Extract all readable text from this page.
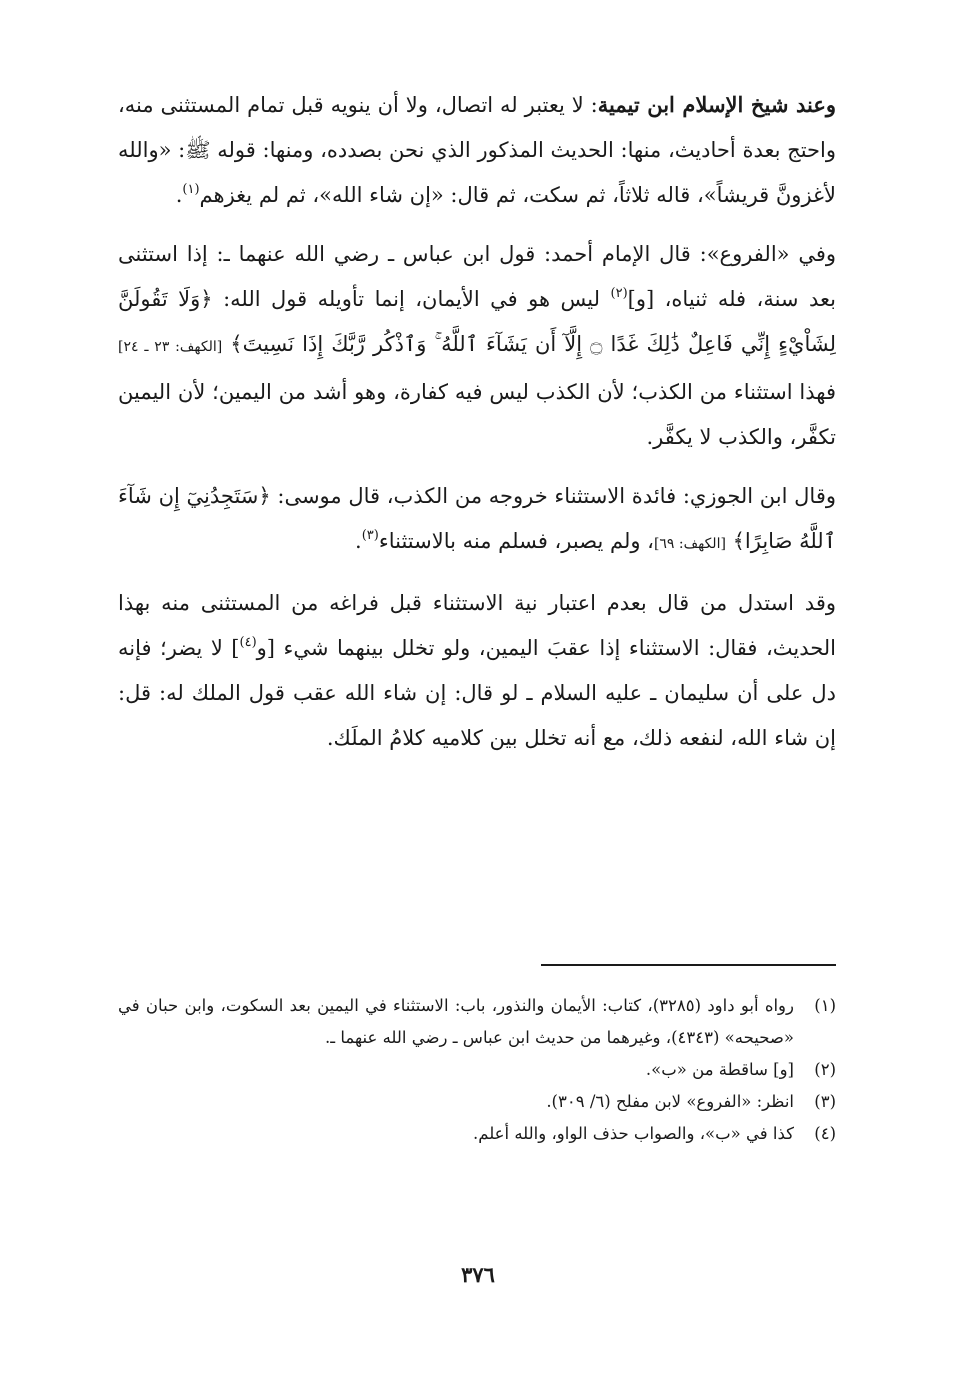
وعند شيخ الإسلام ابن تيمية: لا يعتبر له اتصال، ولا أن ينويه قبل تمام المستثنى منه، واحتج بعدة أحاديث، منها: الحديث المذكور الذي نحن بصدده، ومنها: قوله ﷺ: «والله لأغزونَّ قريشاً»، قاله ثلاثاً، ثم سكت، ثم قال: «إن شاء الله»، ثم لم يغزهم$^{(١)}$.
وفي «الفروع»: قال الإمام أحمد: قول ابن عباس ـ رضي الله عنهما ـ: إذا استثنى بعد سنة، فله ثنياه، [و]$^{(٢)}$ ليس هو في الأيمان، إنما تأويله قول الله: ﴿وَلَا تَقُولَنَّ لِشَاْيْءٍ إِنِّي فَاعِلٌ ذَٰلِكَ غَدًا ۝ إِلَّآ أَن يَشَآءَ ٱللَّهُ ۚ وَٱذْكُر رَّبَّكَ إِذَا نَسِيتَ﴾ [الكهف: ٢٣ ـ ٢٤] فهذا استثناء من الكذب؛ لأن الكذب ليس فيه كفارة، وهو أشد من اليمين؛ لأن اليمين تكفَّر، والكذب لا يكفَّر.
وقال ابن الجوزي: فائدة الاستثناء خروجه من الكذب، قال موسى: ﴿سَتَجِدُنِيٓ إِن شَآءَ ٱللَّهُ صَابِرًا﴾ [الكهف: ٦٩]، ولم يصبر، فسلم منه بالاستثناء$^{(٣)}$.
وقد استدل من قال بعدم اعتبار نية الاستثناء قبل فراغه من المستثنى منه بهذا الحديث، فقال: الاستثناء إذا عقبَ اليمين، ولو تخلل بينهما شيء [و$^{(٤)}$] لا يضر؛ فإنه دل على أن سليمان ـ عليه السلام ـ لو قال: إن شاء الله عقب قول الملك له: قل: إن شاء الله، لنفعه ذلك، مع أنه تخلل بين كلاميه كلامُ الملَك.
(١)
رواه أبو داود (٣٢٨٥)، كتاب: الأيمان والنذور، باب: الاستثناء في اليمين بعد السكوت، وابن حبان في «صحيحه» (٤٣٤٣)، وغيرهما من حديث ابن عباس ـ رضي الله عنهما ـ.
(٢)
[و] ساقطة من «ب».
(٣)
انظر: «الفروع» لابن مفلح (٦/ ٣٠٩).
(٤)
كذا في «ب»، والصواب حذف الواو، والله أعلم.
٣٧٦
